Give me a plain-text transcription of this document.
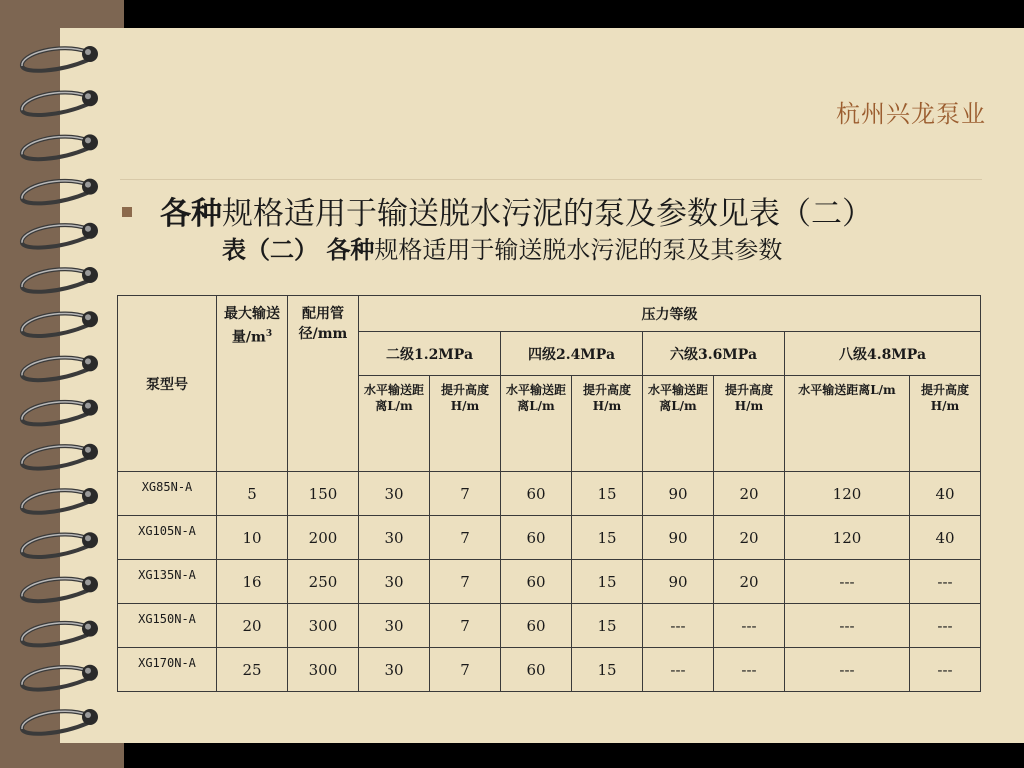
杭州兴龙泵业
各种规格适用于输送脱水污泥的泵及参数见表（二）
表（二） 各种规格适用于输送脱水污泥的泵及其参数
泵型号	最大输送量$/m^3$	配用管径/mm	压力等级							
			二级1.2MPa		四级2.4MPa		六级3.6MPa		八级4.8MPa	
			水平输送距离L/m	提升高度H/m	水平输送距离L/m	提升高度H/m	水平输送距离L/m	提升高度H/m	水平输送距离L/m	提升高度H/m
XG85N-A	5	150	30	7	60	15	90	20	120	40
XG105N-A	10	200	30	7	60	15	90	20	120	40
XG135N-A	16	250	30	7	60	15	90	20	---	---
XG150N-A	20	300	30	7	60	15	---	---	---	---
XG170N-A	25	300	30	7	60	15	---	---	---	---
